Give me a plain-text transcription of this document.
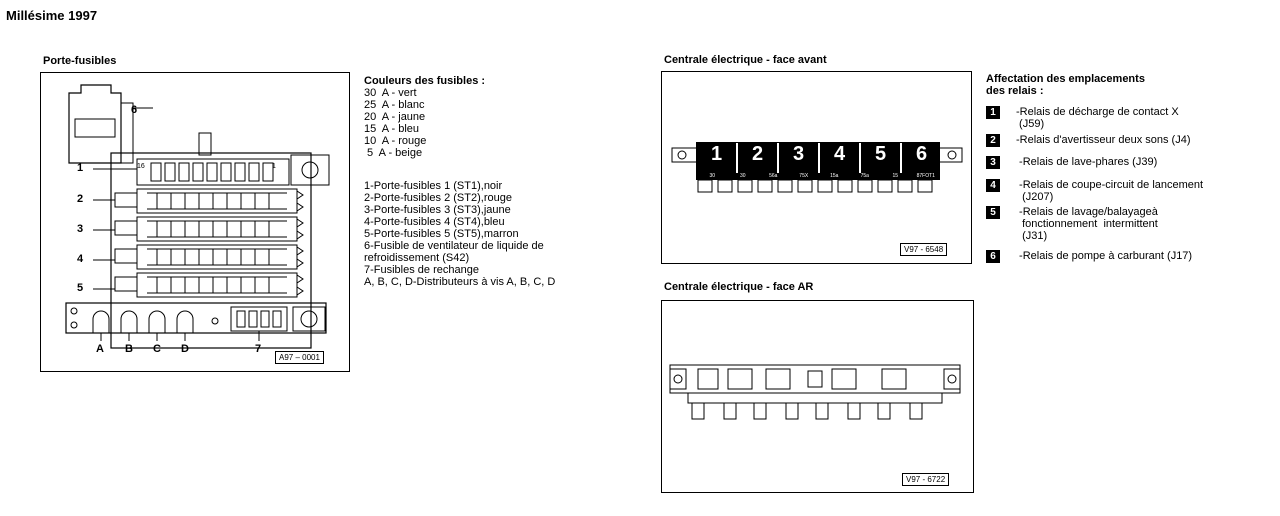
Millésime 1997
Porte-fusibles
6
1
2
3
4
5
16	1
A B C D	7
A97 – 0001
Couleurs des fusibles :
30  A - vert
25  A - blanc
20  A - jaune
15  A - bleu
10  A - rouge
5  A - beige
1-Porte-fusibles 1 (ST1),noir
2-Porte-fusibles 2 (ST2),rouge
3-Porte-fusibles 3 (ST3),jaune
4-Porte-fusibles 4 (ST4),bleu
5-Porte-fusibles 5 (ST5),marron
6-Fusible de ventilateur de liquide de
refroidissement (S42)
7-Fusibles de rechange
A, B, C, D-Distributeurs à vis A, B, C, D
Centrale électrique - face avant
1	2	3	4	5	6
30	30	56a	75X	15a	75a	15	87FOT1
V97 - 6548
Centrale électrique - face AR
V97 - 6722
Affectation des emplacements
des relais :
1	-Relais de décharge de contact X
(J59)
2	-Relais d'avertisseur deux sons (J4)
3	-Relais de lave-phares (J39)
4	-Relais de coupe-circuit de lancement
(J207)
5	-Relais de lavage/balayageà
fonctionnement  intermittent
(J31)
6	-Relais de pompe à carburant (J17)
